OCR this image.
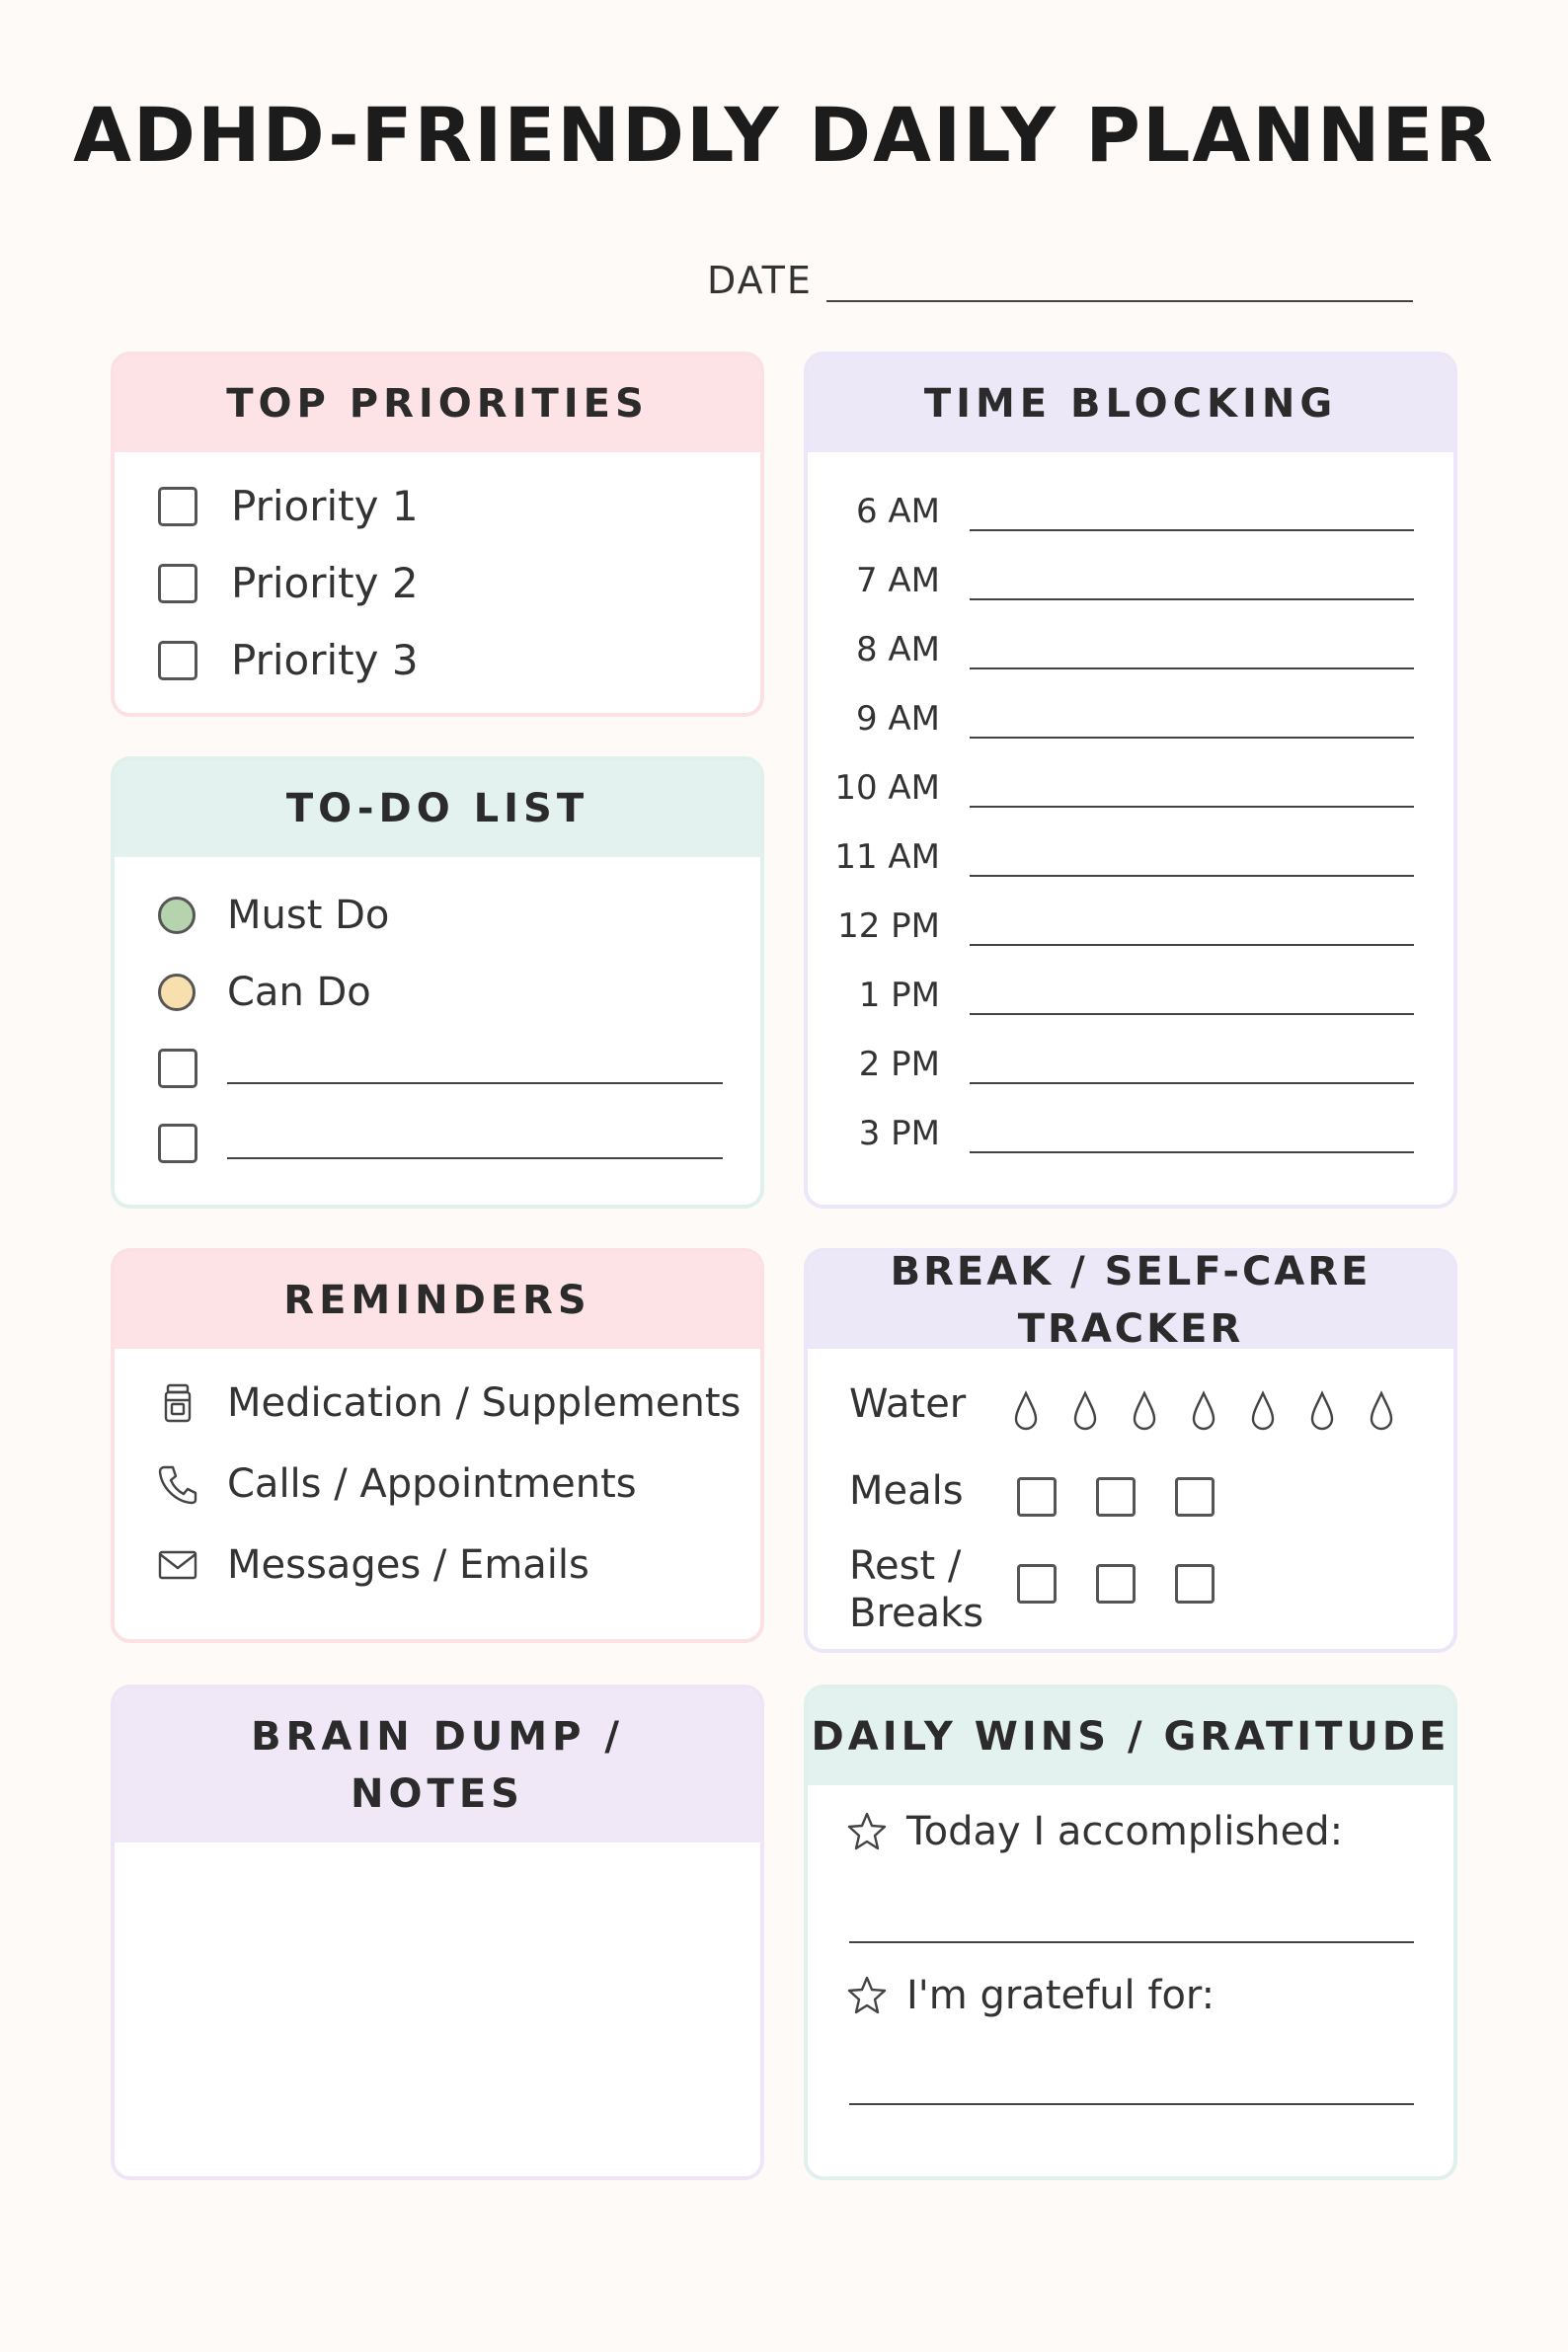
ADHD-FRIENDLY DAILY PLANNER
DATE
TOP PRIORITIES
Priority 1
Priority 2
Priority 3
TIME BLOCKING
6 AM
7 AM
8 AM
9 AM
10 AM
11 AM
12 PM
1 PM
2 PM
3 PM
TO-DO LIST
Must Do
Can Do
REMINDERS
Medication / Supplements
Calls / Appointments
Messages / Emails
BREAK / SELF-CARE TRACKER
Water
Meals
Rest /
Breaks
BRAIN DUMP /
NOTES
DAILY WINS / GRATITUDE
Today I accomplished:
I'm grateful for:
